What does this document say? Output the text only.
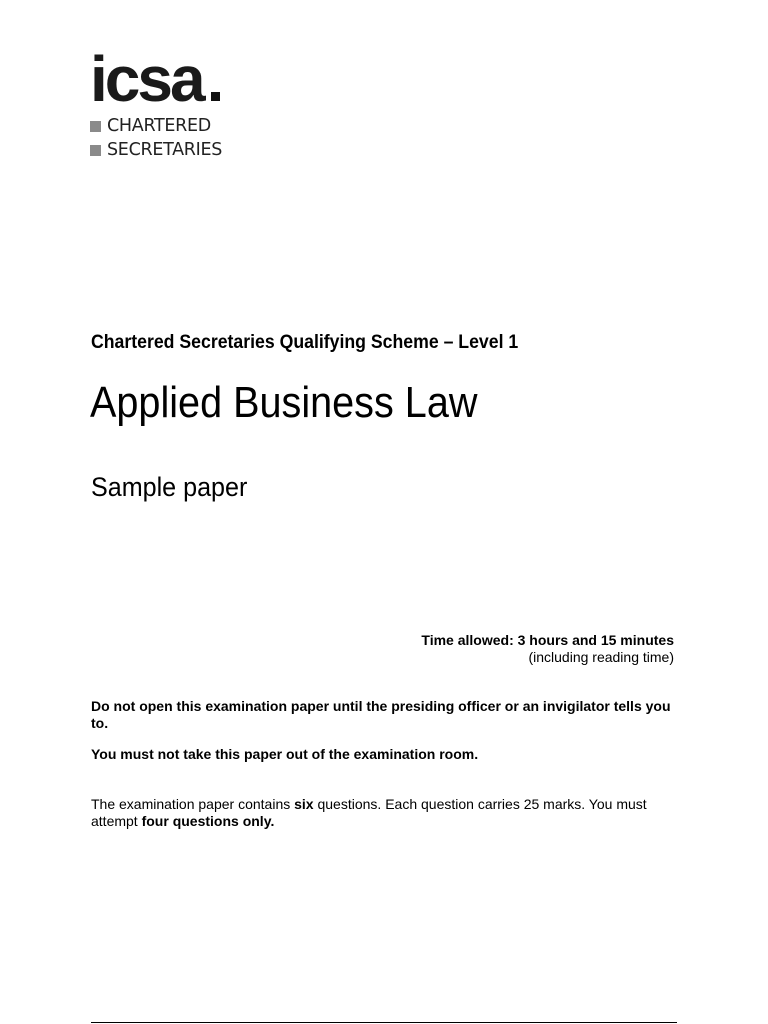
icsa
CHARTERED
SECRETARIES
Chartered Secretaries Qualifying Scheme – Level 1
Applied Business Law
Sample paper
Time allowed: 3 hours and 15 minutes
(including reading time)
Do not open this examination paper until the presiding officer or an invigilator tells you to.
You must not take this paper out of the examination room.
The examination paper contains six questions. Each question carries 25 marks. You must attempt four questions only.
